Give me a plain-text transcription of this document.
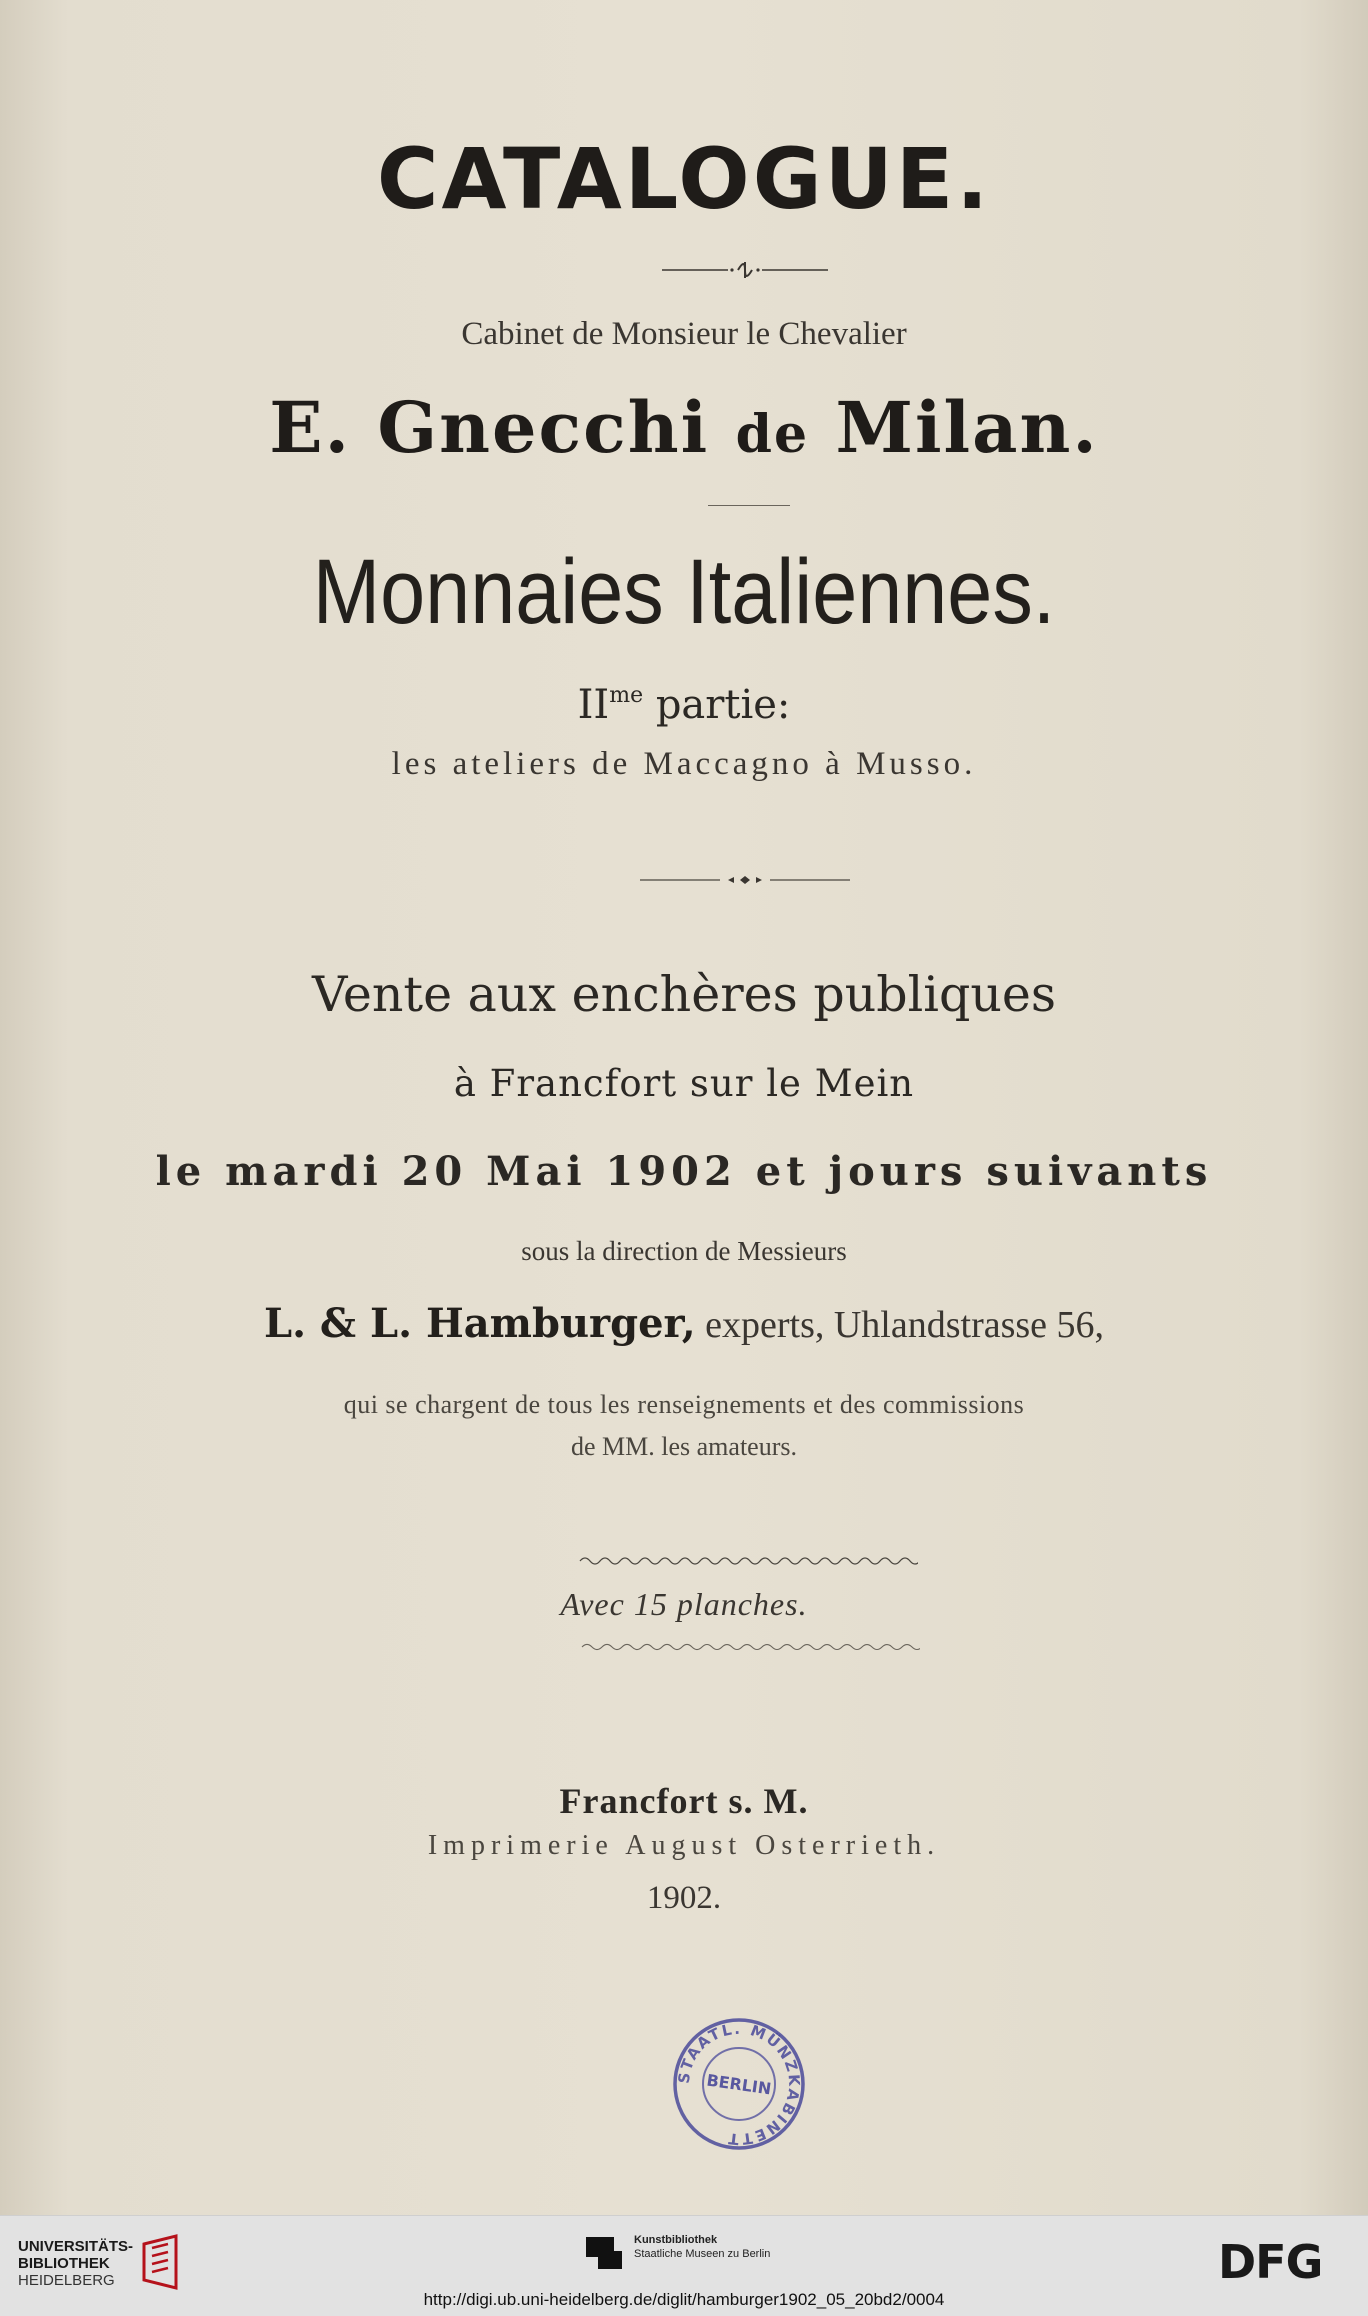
CATALOGUE.
Cabinet de Monsieur le Chevalier
E. Gnecchi de Milan.
Monnaies Italiennes.
$II^{me}$ partie:
les ateliers de Maccagno à Musso.
Vente aux enchères publiques
à Francfort sur le Mein
le mardi 20 Mai 1902 et jours suivants
sous la direction de Messieurs
L. & L. Hamburger, experts, Uhlandstrasse 56,
qui se chargent de tous les renseignements et des commissions
de MM. les amateurs.
Avec 15 planches.
Francfort s. M.
Imprimerie August Osterrieth.
1902.
STAATL. MÜNZKABINETT
BERLIN
UNIVERSITÄTS-
BIBLIOTHEK
HEIDELBERG
Kunstbibliothek
Staatliche Museen zu Berlin	DFG
http://digi.ub.uni-heidelberg.de/diglit/hamburger1902_05_20bd2/0004
